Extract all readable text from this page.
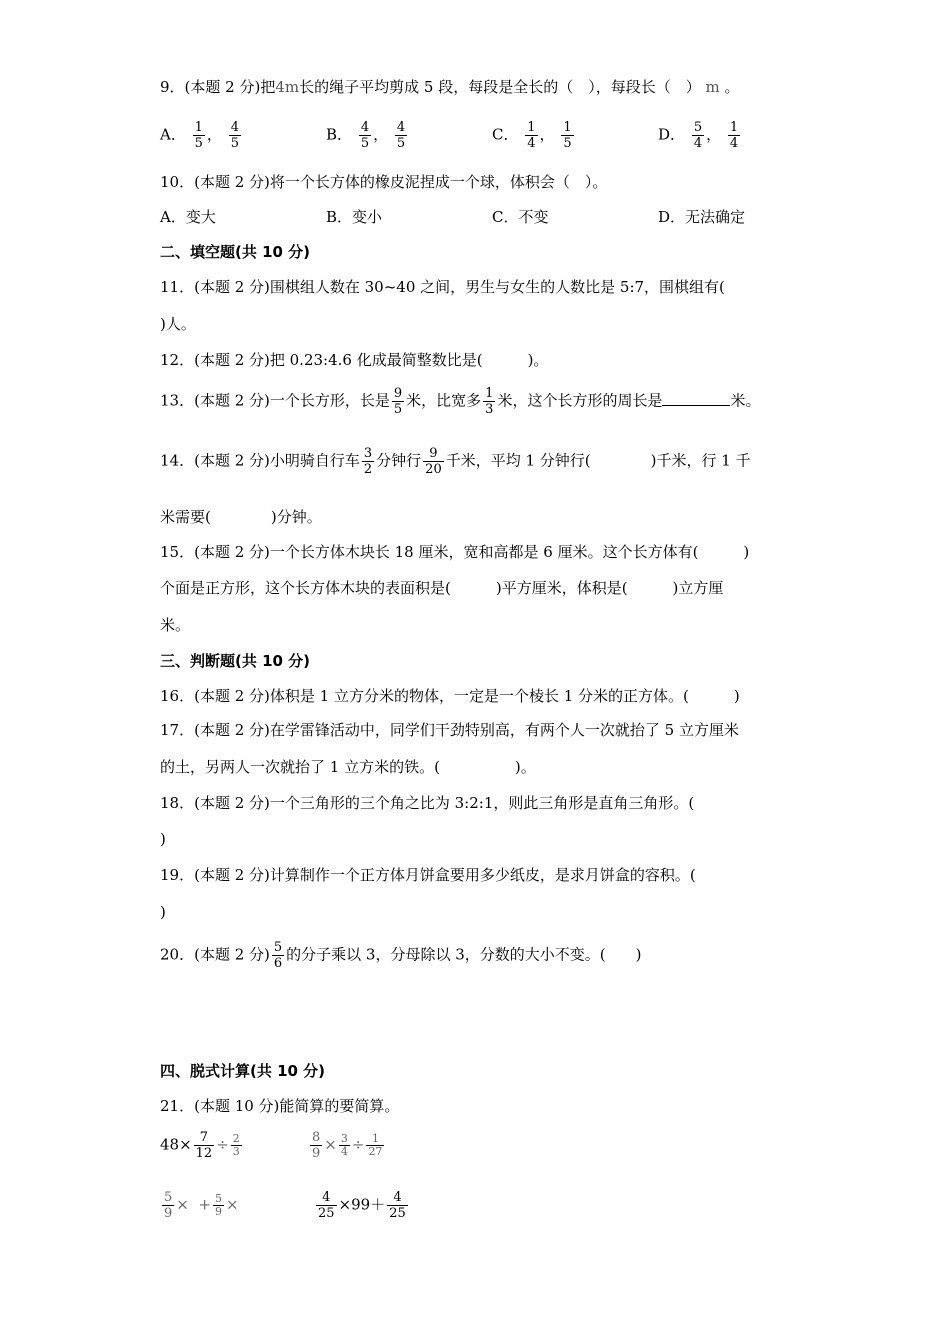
9．(本题 2 分)把4m长的绳子平均剪成 5 段，每段是全长的（　），每段长（　） m 。
A． $\frac{1}{5}$ ， $\frac{4}{5}$	B． $\frac{4}{5}$ ， $\frac{4}{5}$	C． $\frac{1}{4}$ ， $\frac{1}{5}$	D． $\frac{5}{4}$ ， $\frac{1}{4}$
10．(本题 2 分)将一个长方体的橡皮泥捏成一个球，体积会（　）。
A．变大	B．变小	C．不变	D．无法确定
二、填空题(共 10 分)
11．(本题 2 分)围棋组人数在 30~40 之间，男生与女生的人数比是 5:7，围棋组有(
)人。
12．(本题 2 分)把 0.23:4.6 化成最简整数比是(　　　)。
13．(本题 2 分)一个长方形，长是 $\frac{9}{5}$ 米，比宽多 $\frac{1}{3}$ 米，这个长方形的周长是	米。
14．(本题 2 分)小明骑自行车 $\frac{3}{2}$ 分钟行 $\frac{9}{20}$ 千米，平均 1 分钟行(　　　　)千米，行 1 千
米需要(　　　　)分钟。
15．(本题 2 分)一个长方体木块长 18 厘米，宽和高都是 6 厘米。这个长方体有(　　　)
个面是正方形，这个长方体木块的表面积是(　　　)平方厘米，体积是(　　　)立方厘
米。
三、判断题(共 10 分)
16．(本题 2 分)体积是 1 立方分米的物体，一定是一个棱长 1 分米的正方体。(　　　)
17．(本题 2 分)在学雷锋活动中，同学们干劲特别高，有两个人一次就抬了 5 立方厘米
的土，另两人一次就抬了 1 立方米的铁。(　　　　　)。
18．(本题 2 分)一个三角形的三个角之比为 3:2:1，则此三角形是直角三角形。(
)
19．(本题 2 分)计算制作一个正方体月饼盒要用多少纸皮，是求月饼盒的容积。(
)
20．(本题 2 分) $\frac{5}{6}$ 的分子乘以 3，分母除以 3，分数的大小不变。(　　)
四、脱式计算(共 10 分)
21．(本题 10 分)能简算的要简算。
$48\times \frac{7}{12} \div \frac{2}{3}$	$\frac{8}{9} \times \frac{3}{4} \div \frac{1}{27}$
$\frac{5}{9}$ × + $\frac{5}{9}$ ×	$\frac{4}{25} \times 99+ \frac{4}{25}$
